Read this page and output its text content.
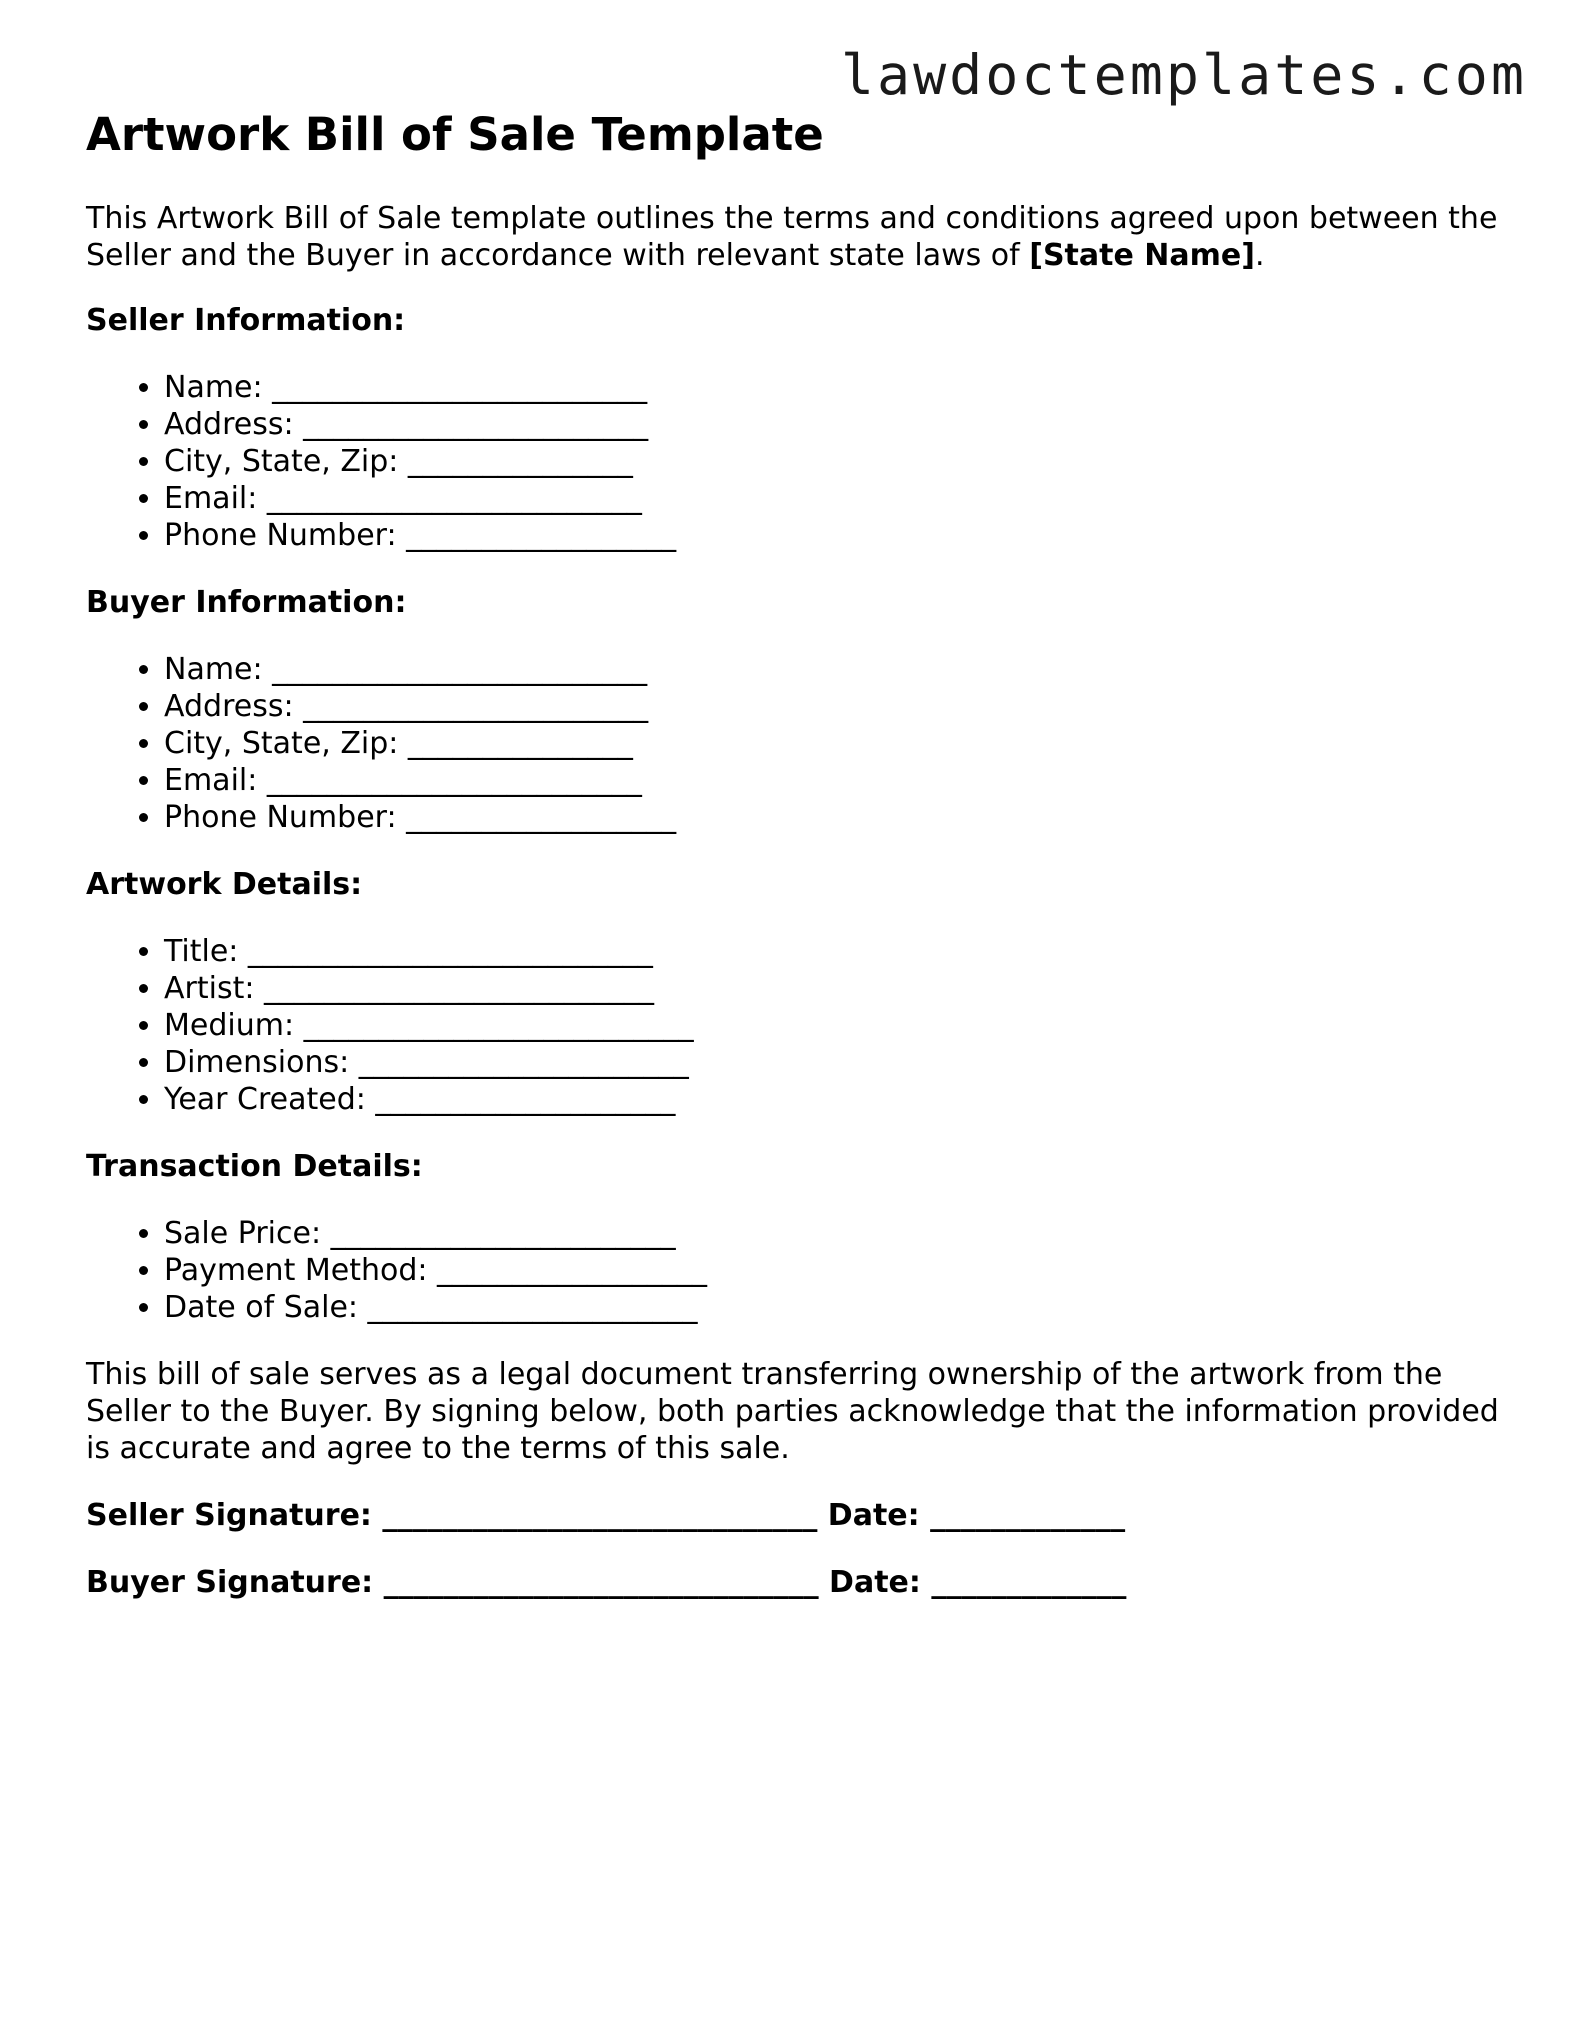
lawdoctemplates.com
Artwork Bill of Sale Template

This Artwork Bill of Sale template outlines the terms and conditions agreed upon between the Seller and the Buyer in accordance with relevant state laws of [State Name].

Seller Information:
• Name: _________________________
• Address: _______________________
• City, State, Zip: _______________
• Email: _________________________
• Phone Number: __________________
Buyer Information:
• Name: _________________________
• Address: _______________________
• City, State, Zip: _______________
• Email: _________________________
• Phone Number: __________________
Artwork Details:
• Title: ___________________________
• Artist: __________________________
• Medium: __________________________
• Dimensions: ______________________
• Year Created: ____________________
Transaction Details:
• Sale Price: _______________________
• Payment Method: __________________
• Date of Sale: ______________________

This bill of sale serves as a legal document transferring ownership of the artwork from the Seller to the Buyer. By signing below, both parties acknowledge that the information provided is accurate and agree to the terms of this sale.

Seller Signature: _____________________________ Date: _____________
Buyer Signature: _____________________________ Date: _____________
